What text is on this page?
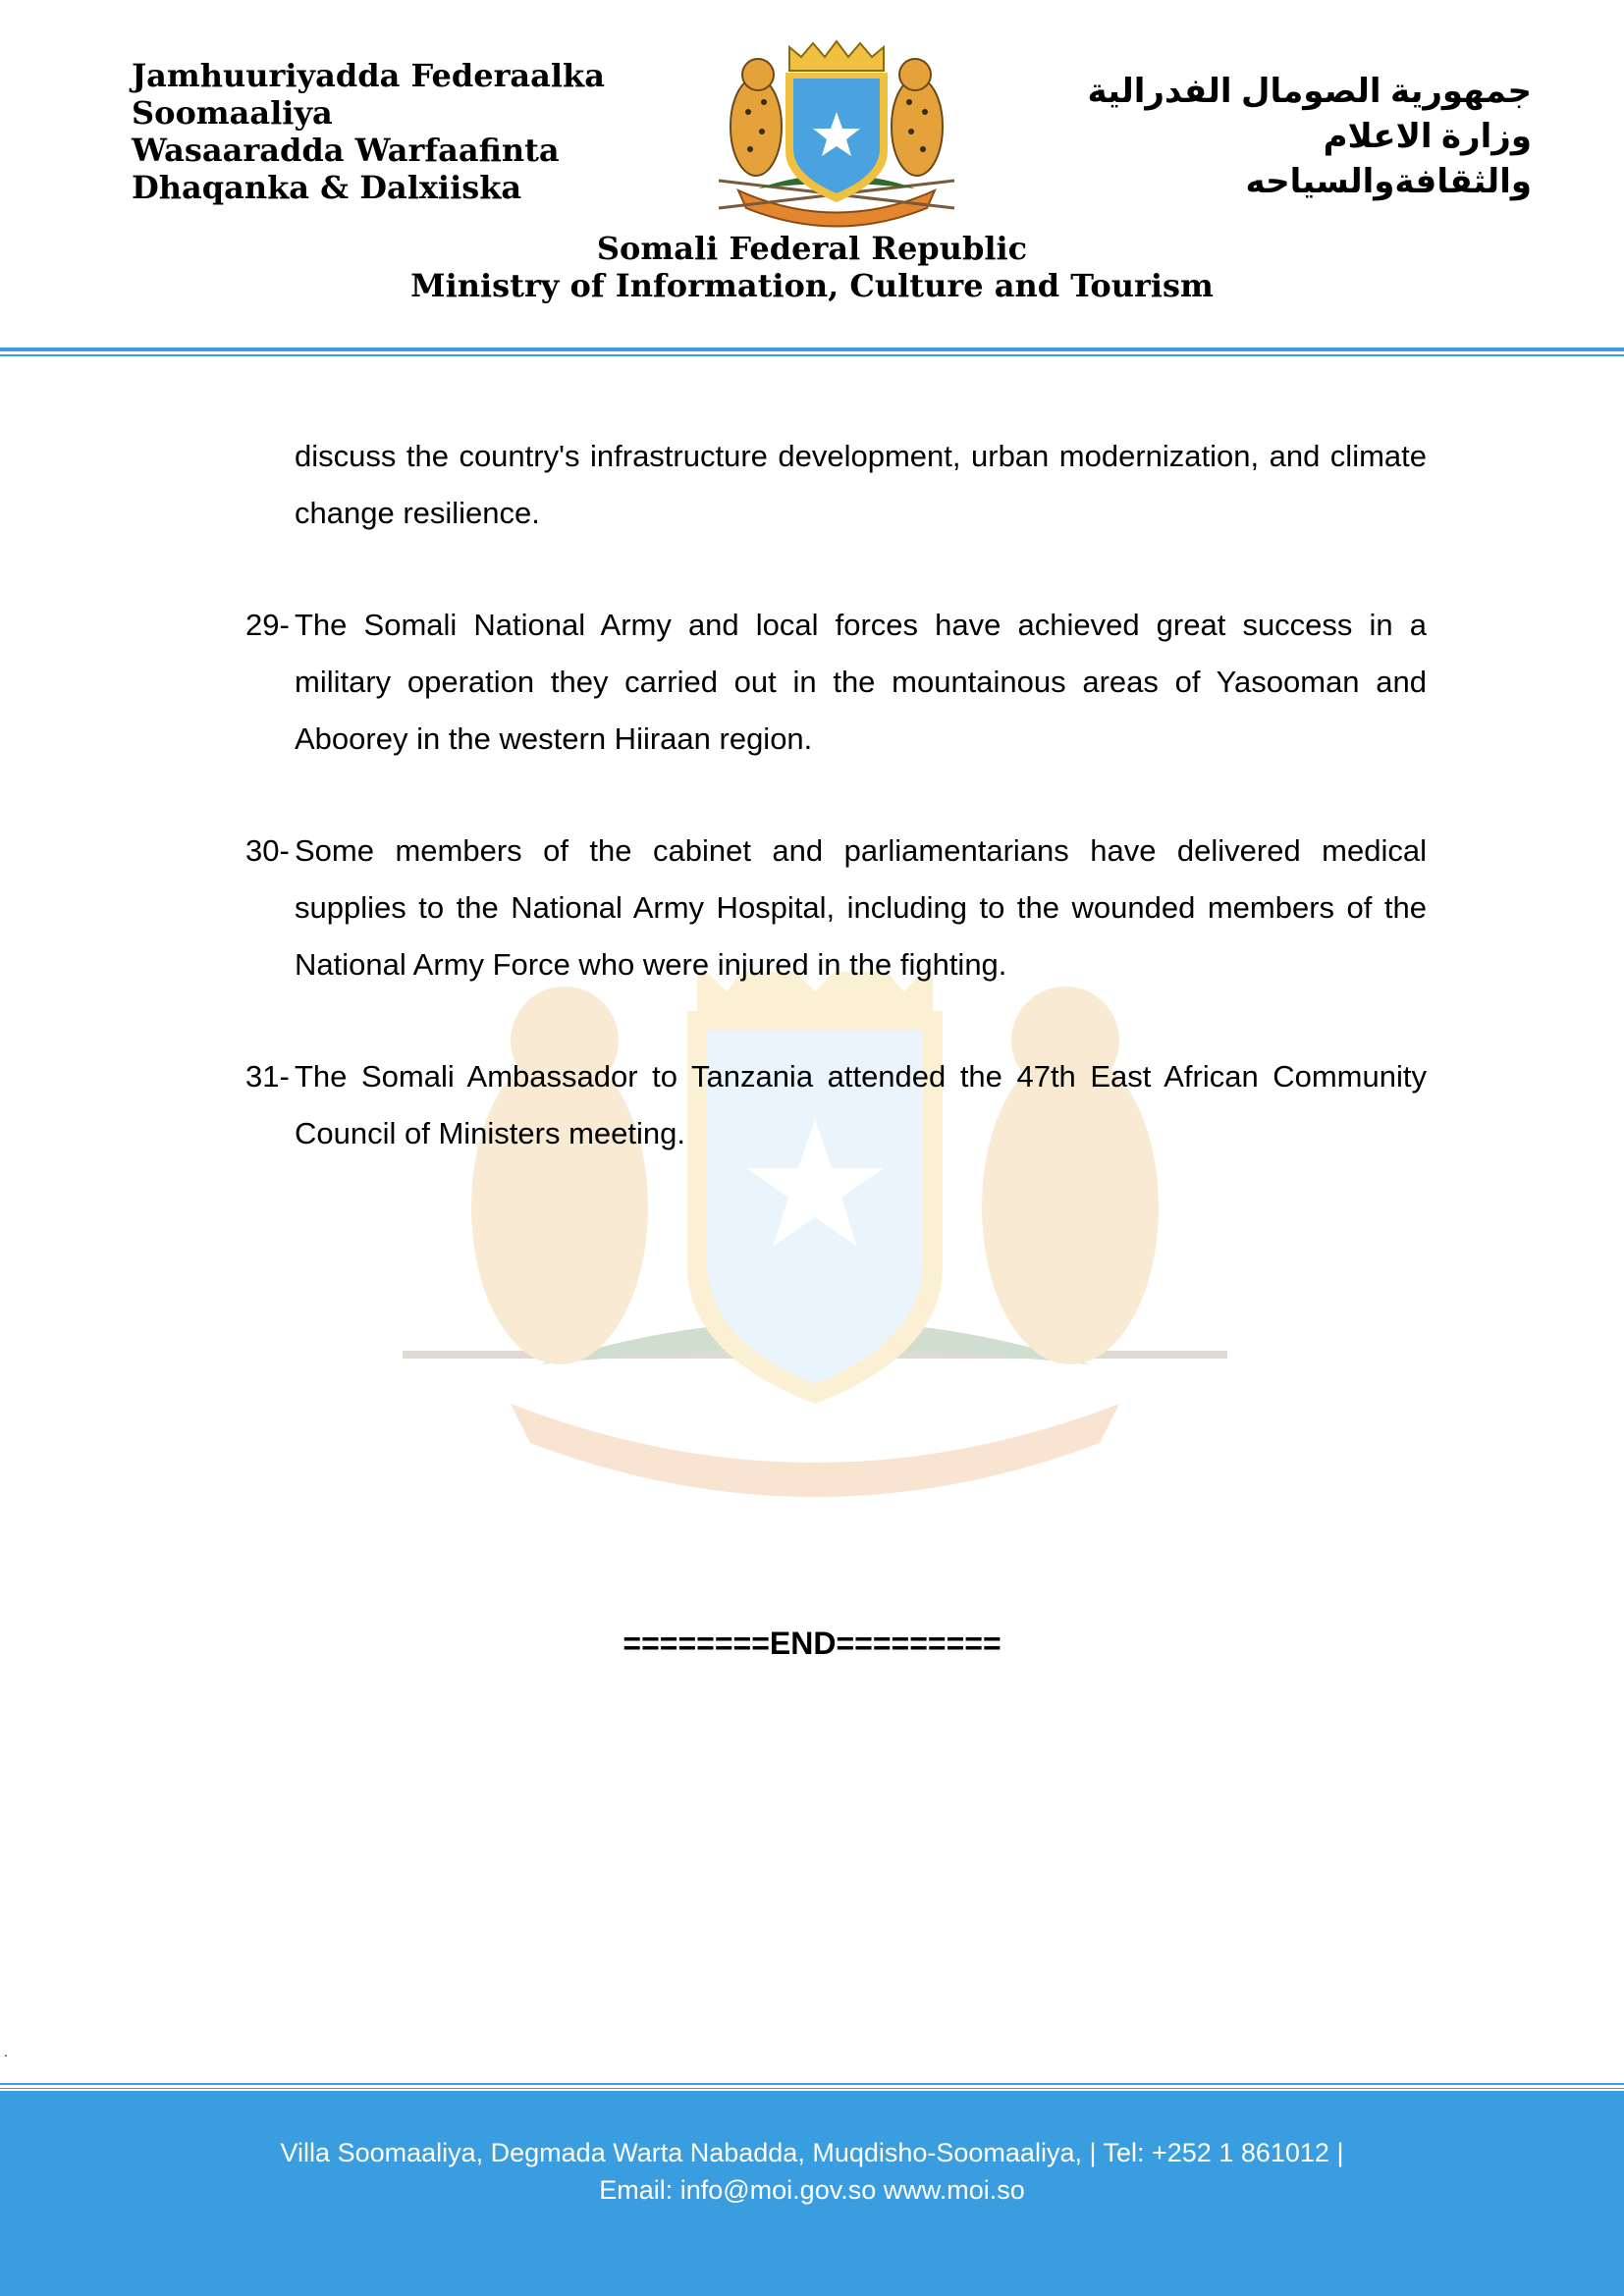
Jamhuuriyadda Federaalka
Soomaaliya
Wasaaradda Warfaafinta
Dhaqanka & Dalxiiska
جمهورية الصومال الفدرالية
وزارة الاعلام
والثقافةوالسياحه
Somali Federal Republic
Ministry of Information, Culture and Tourism

discuss the country's infrastructure development, urban modernization, and climate change resilience.

29- The Somali National Army and local forces have achieved great success in a military operation they carried out in the mountainous areas of Yasooman and Aboorey in the western Hiiraan region.

30- Some members of the cabinet and parliamentarians have delivered medical supplies to the National Army Hospital, including to the wounded members of the National Army Force who were injured in the fighting.

31- The Somali Ambassador to Tanzania attended the 47th East African Community Council of Ministers meeting.

========END=========
.
Villa Soomaaliya, Degmada Warta Nabadda, Muqdisho-Soomaaliya, | Tel: +252 1 861012 |
Email: info@moi.gov.so www.moi.so
